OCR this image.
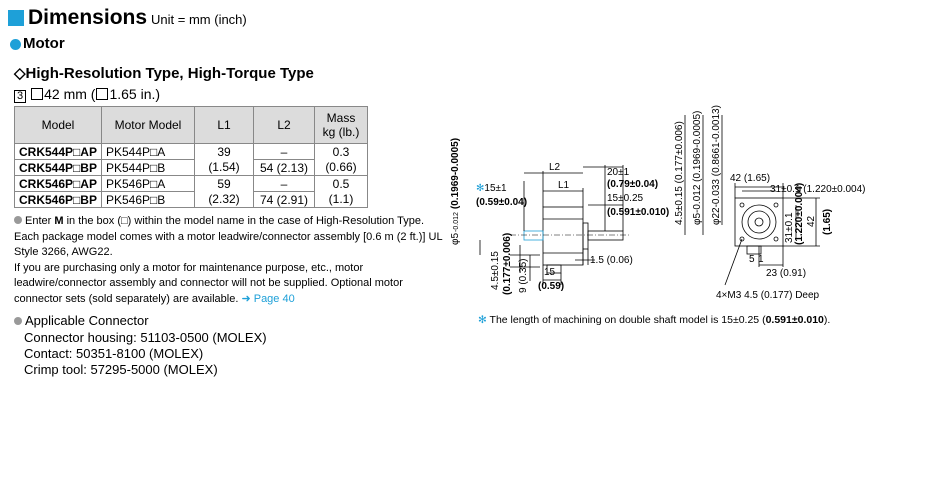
Dimensions Unit = mm (inch)
Motor
◇High-Resolution Type, High-Torque Type
3 42 mm ( 1.65 in.)
Model	Motor Model	L1	L2	Mass
kg (lb.)
CRK544P□AP	PK544P□A	39	–	0.3
CRK544P□BP	PK544P□B	(1.54)	54 (2.13)	(0.66)
CRK546P□AP	PK546P□A	59	–	0.5
CRK546P□BP	PK546P□B	(2.32)	74 (2.91)	(1.1)
Enter M in the box (□) within the model name in the case of High-Resolution Type.
Each package model comes with a motor leadwire/connector assembly [0.6 m (2 ft.)] UL Style 3266, AWG22.
If you are purchasing only a motor for maintenance purpose, etc., motor leadwire/connector assembly and connector will not be supplied. Optional motor connector sets (sold separately) are available. ➜ Page 40
Applicable Connector
Connector housing: 51103-0500 (MOLEX)
Contact: 50351-8100 (MOLEX)
Crimp tool: 57295-5000 (MOLEX)
φ5-0.012(0.1969-0.0005) ✻15±1
(0.59±0.04)
L2
L1
20±1
(0.79±0.04)
15±0.25
(0.591±0.010)
1.5 (0.06)
15
(0.59)
4.5±0.15 (0.177±0.006) 9 (0.35)
4.5±0.15 (0.177±0.006) φ5-0.012 (0.1969-0.0005) φ22-0.033 (0.8661-0.0013) 42 (1.65)
31±0.1 (1.220±0.004)
31±0.1 (1.220±0.004) 42 (1.65)
5 1
23 (0.91)
4×M3 4.5 (0.177) Deep
✻ The length of machining on double shaft model is 15±0.25 (0.591±0.010).
